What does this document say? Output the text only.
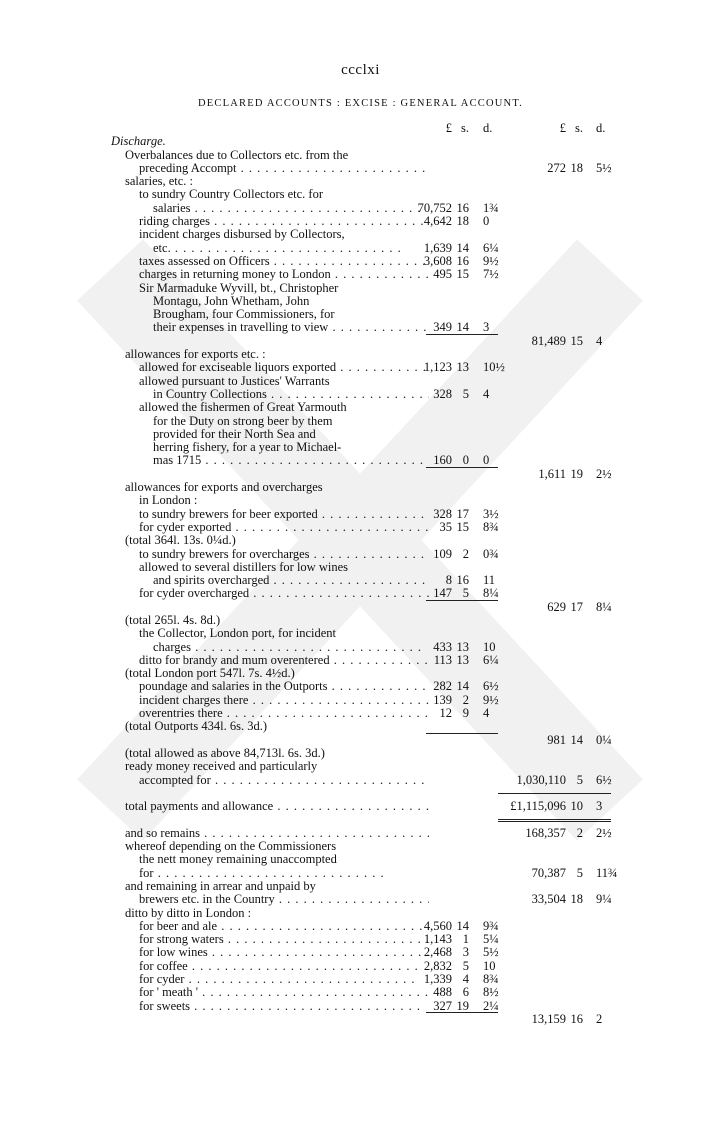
ccclxi
DECLARED ACCOUNTS : EXCISE : GENERAL ACCOUNT.
£ s. d.	£ s. d.
Discharge.
Overbalances due to Collectors etc. from the
preceding Accompt . .	272 18 5½
salaries, etc. :
to sundry Country Collectors etc. for
salaries . .	70,752 16 1¾
riding charges . .	4,642 18 0
incident charges disbursed by Collectors,
etc. . .	1,639 14 6¼
taxes assessed on Officers . .	3,608 16 9½
charges in returning money to London . .	495 15 7½
Sir Marmaduke Wyvill, bt., Christopher
Montagu, John Whetham, John
Brougham, four Commissioners, for
their expenses in travelling to view . .	349 14 3
81,489 15 4
allowances for exports etc. :
allowed for exciseable liquors exported . .	1,123 13 10½
allowed pursuant to Justices' Warrants
in Country Collections . .	328 5 4
allowed the fishermen of Great Yarmouth
for the Duty on strong beer by them
provided for their North Sea and
herring fishery, for a year to Michael-
mas 1715 . .	160 0 0
1,611 19 2½
allowances for exports and overcharges
in London :
to sundry brewers for beer exported . .	328 17 3½
for cyder exported . .	35 15 8¾
(total 364l. 13s. 0¼d.)
to sundry brewers for overcharges . .	109 2 0¾
allowed to several distillers for low wines
and spirits overcharged . .	8 16 11
for cyder overcharged . .	147 5 8¼
629 17 8¼
(total 265l. 4s. 8d.)
the Collector, London port, for incident
charges . .	433 13 10
ditto for brandy and mum overentered . .	113 13 6¼
(total London port 547l. 7s. 4½d.)
poundage and salaries in the Outports . .	282 14 6½
incident charges there . .	139 2 9½
overentries there . .	12 9 4
(total Outports 434l. 6s. 3d.)
981 14 0¼
(total allowed as above 84,713l. 6s. 3d.)
ready money received and particularly
accompted for . .	1,030,110 5 6½
total payments and allowance . .	£1,115,096 10 3
and so remains . .	168,357 2 2½
whereof depending on the Commissioners
the nett money remaining unaccompted
for . .	70,387 5 11¾
and remaining in arrear and unpaid by
brewers etc. in the Country . .	33,504 18 9¼
ditto by ditto in London :
for beer and ale . .	4,560 14 9¾
for strong waters . .	1,143 1 5¼
for low wines . .	2,468 3 5½
for coffee . .	2,832 5 10
for cyder . .	1,339 4 8¾
for ' meath ' . .	488 6 8½
for sweets . .	327 19 2¼
13,159 16 2
